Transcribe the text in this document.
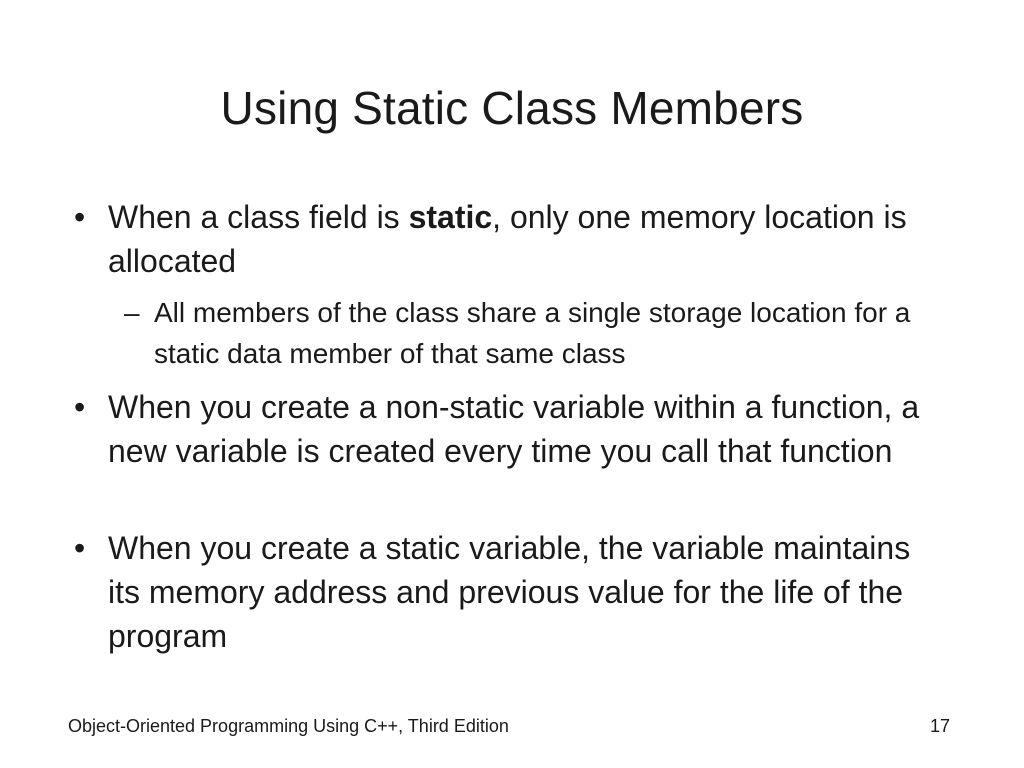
Using Static Class Members
• When a class field is static, only one memory location is allocated
– All members of the class share a single storage location for a static data member of that same class
• When you create a non-static variable within a function, a new variable is created every time you call that function
• When you create a static variable, the variable maintains its memory address and previous value for the life of the program
Object-Oriented Programming Using C++, Third Edition	17
